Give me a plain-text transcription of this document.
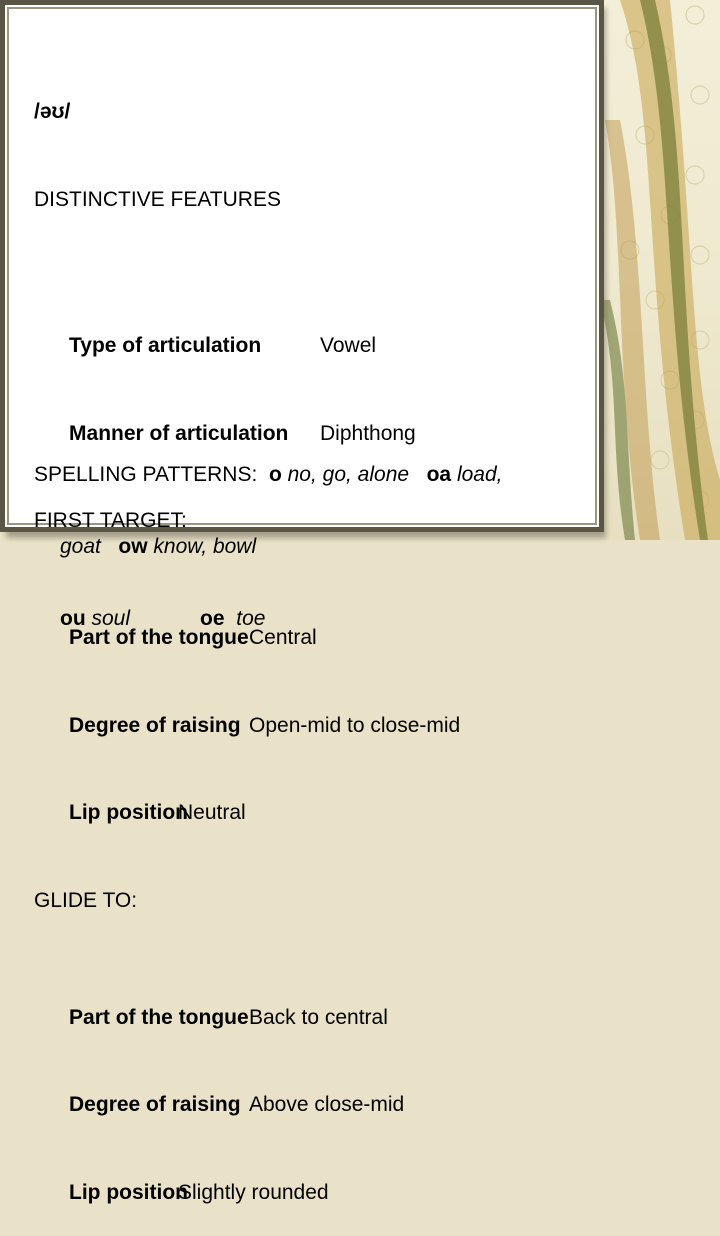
/əʊ/

DISTINCTIVE FEATURES

Type of articulation	Vowel

Manner of articulation Diphthong

FIRST TARGET:

Part of the tongue Central

Degree of raising Open-mid to close-mid

Lip position
Neutral

GLIDE TO:

Part of the tongue Back to central

Degree of raising Above close-mid

Lip position
Slightly rounded

SPELLING PATTERNS: o no, go, alone oa load,

goat ow know, bowl

ou soul	oe toe
